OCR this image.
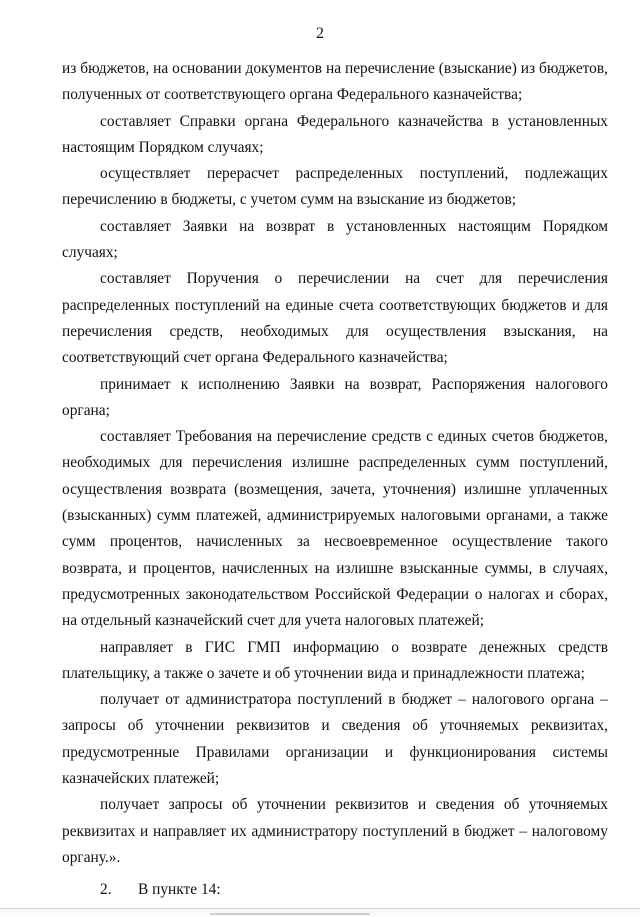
2

из бюджетов, на основании документов на перечисление (взыскание) из бюджетов, полученных от соответствующего органа Федерального казначейства;

составляет Справки органа Федерального казначейства в установленных настоящим Порядком случаях;

осуществляет перерасчет распределенных поступлений, подлежащих перечислению в бюджеты, с учетом сумм на взыскание из бюджетов;

составляет Заявки на возврат в установленных настоящим Порядком случаях;

составляет Поручения о перечислении на счет для перечисления распределенных поступлений на единые счета соответствующих бюджетов и для перечисления средств, необходимых для осуществления взыскания, на соответствующий счет органа Федерального казначейства;

принимает к исполнению Заявки на возврат, Распоряжения налогового органа;

составляет Требования на перечисление средств с единых счетов бюджетов, необходимых для перечисления излишне распределенных сумм поступлений, осуществления возврата (возмещения, зачета, уточнения) излишне уплаченных (взысканных) сумм платежей, администрируемых налоговыми органами, а также сумм процентов, начисленных за несвоевременное осуществление такого возврата, и процентов, начисленных на излишне взысканные суммы, в случаях, предусмотренных законодательством Российской Федерации о налогах и сборах, на отдельный казначейский счет для учета налоговых платежей;

направляет в ГИС ГМП информацию о возврате денежных средств плательщику, а также о зачете и об уточнении вида и принадлежности платежа;

получает от администратора поступлений в бюджет – налогового органа – запросы об уточнении реквизитов и сведения об уточняемых реквизитах, предусмотренные Правилами организации и функционирования системы казначейских платежей;

получает запросы об уточнении реквизитов и сведения об уточняемых реквизитах и направляет их администратору поступлений в бюджет – налоговому органу.».

2. В пункте 14:
